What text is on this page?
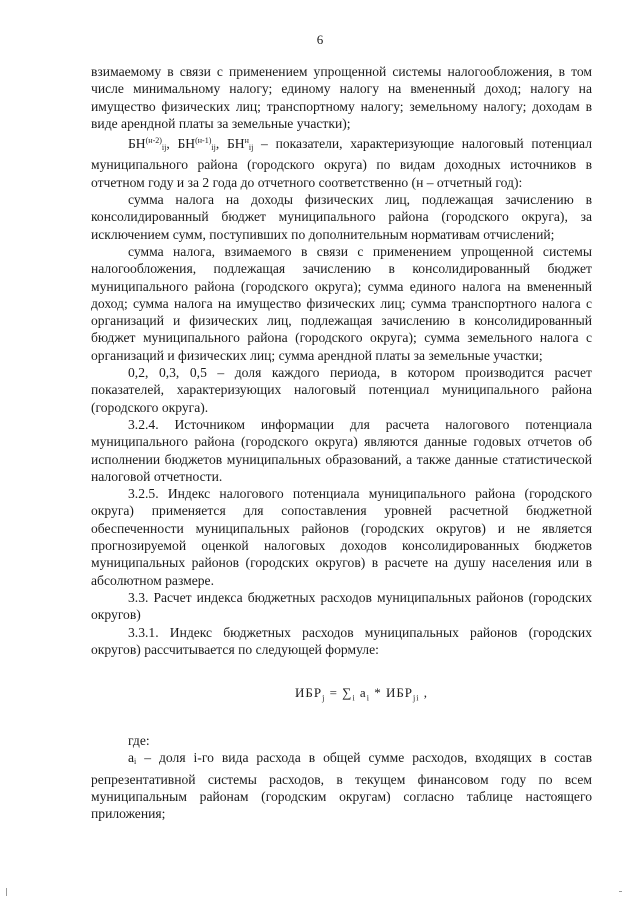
6

взимаемому в связи с применением упрощенной системы налогообложения, в том числе минимальному налогу; единому налогу на вмененный доход; налогу на имущество физических лиц; транспортному налогу; земельному налогу; доходам в виде арендной платы за земельные участки);

$БН^{(н-2)}ij$, $БН^{(н-1)}ij$, $БН^нij$ – показатели, характеризующие налоговый потенциал муниципального района (городского округа) по видам доходных источников в отчетном году и за 2 года до отчетного соответственно (н – отчетный год):

сумма налога на доходы физических лиц, подлежащая зачислению в консолидированный бюджет муниципального района (городского округа), за исключением сумм, поступивших по дополнительным нормативам отчислений;

сумма налога, взимаемого в связи с применением упрощенной системы налогообложения, подлежащая зачислению в консолидированный бюджет муниципального района (городского округа); сумма единого налога на вмененный доход; сумма налога на имущество физических лиц; сумма транспортного налога с организаций и физических лиц, подлежащая зачислению в консолидированный бюджет муниципального района (городского округа); сумма земельного налога с организаций и физических лиц; сумма арендной платы за земельные участки;

0,2, 0,3, 0,5 – доля каждого периода, в котором производится расчет показателей, характеризующих налоговый потенциал муниципального района (городского округа).

3.2.4. Источником информации для расчета налогового потенциала муниципального района (городского округа) являются данные годовых отчетов об исполнении бюджетов муниципальных образований, а также данные статистической налоговой отчетности.

3.2.5. Индекс налогового потенциала муниципального района (городского округа) применяется для сопоставления уровней расчетной бюджетной обеспеченности муниципальных районов (городских округов) и не является прогнозируемой оценкой налоговых доходов консолидированных бюджетов муниципальных районов (городских округов) в расчете на душу населения или в абсолютном размере.

3.3. Расчет индекса бюджетных расходов муниципальных районов (городских округов)

3.3.1. Индекс бюджетных расходов муниципальных районов (городских округов) рассчитывается по следующей формуле:

$ИБР_j = \sum_i$ $a_i * ИБР_{ji}$ ,

где:

$a_i$ – доля i-го вида расхода в общей сумме расходов, входящих в состав репрезентативной системы расходов, в текущем финансовом году по всем муниципальным районам (городским округам) согласно таблице настоящего приложения;
